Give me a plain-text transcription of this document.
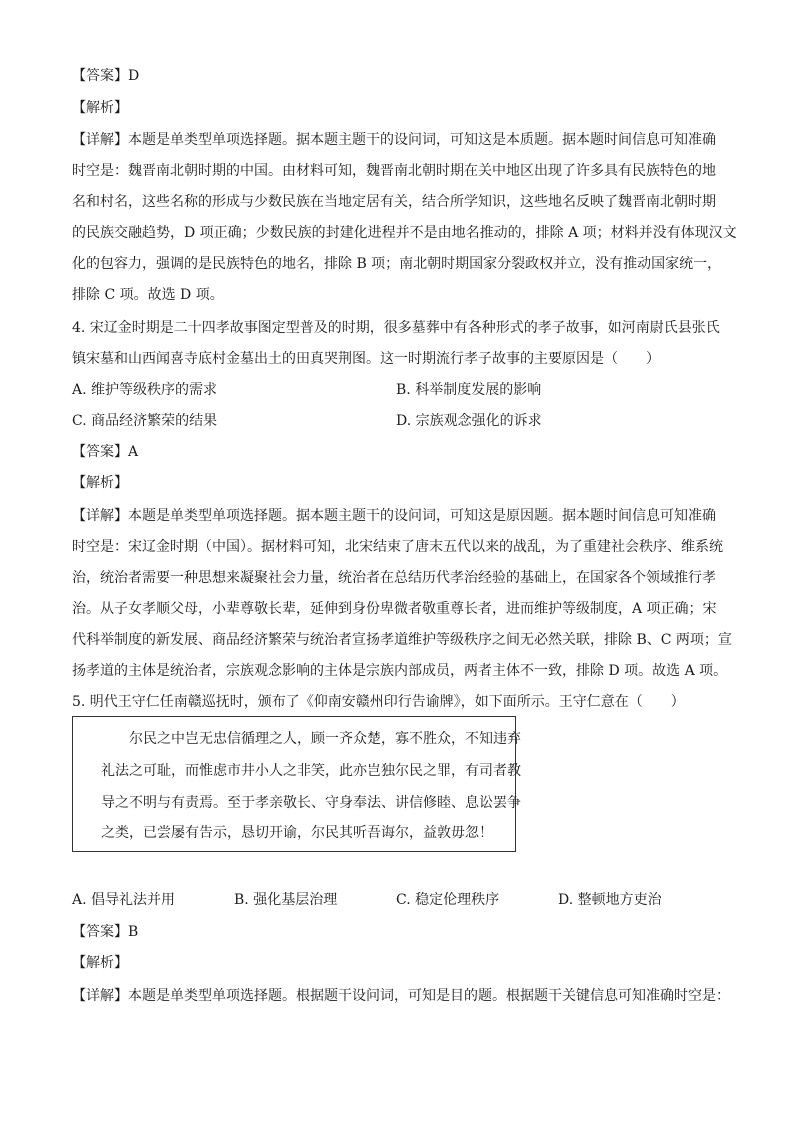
【答案】D
【解析】
【详解】本题是单类型单项选择题。据本题主题干的设问词，可知这是本质题。据本题时间信息可知准确
时空是：魏晋南北朝时期的中国。由材料可知，魏晋南北朝时期在关中地区出现了许多具有民族特色的地
名和村名，这些名称的形成与少数民族在当地定居有关，结合所学知识，这些地名反映了魏晋南北朝时期
的民族交融趋势，D 项正确；少数民族的封建化进程并不是由地名推动的，排除 A 项；材料并没有体现汉文
化的包容力，强调的是民族特色的地名，排除 B 项；南北朝时期国家分裂政权并立，没有推动国家统一，
排除 C 项。故选 D 项。
4. 宋辽金时期是二十四孝故事图定型普及的时期，很多墓葬中有各种形式的孝子故事，如河南尉氏县张氏
镇宋墓和山西闻喜寺底村金墓出土的田真哭荆图。这一时期流行孝子故事的主要原因是（　　）
A. 维护等级秩序的需求	B. 科举制度发展的影响
C. 商品经济繁荣的结果	D. 宗族观念强化的诉求
【答案】A
【解析】
【详解】本题是单类型单项选择题。据本题主题干的设问词，可知这是原因题。据本题时间信息可知准确
时空是：宋辽金时期（中国）。据材料可知，北宋结束了唐末五代以来的战乱，为了重建社会秩序、维系统
治，统治者需要一种思想来凝聚社会力量，统治者在总结历代孝治经验的基础上，在国家各个领域推行孝
治。从子女孝顺父母，小辈尊敬长辈，延伸到身份卑微者敬重尊长者，进而维护等级制度，A 项正确；宋
代科举制度的新发展、商品经济繁荣与统治者宣扬孝道维护等级秩序之间无必然关联，排除 B、C 两项；宣
扬孝道的主体是统治者，宗族观念影响的主体是宗族内部成员，两者主体不一致，排除 D 项。故选 A 项。
5. 明代王守仁任南赣巡抚时，颁布了《仰南安赣州印行告谕牌》，如下面所示。王守仁意在（　　）
尔民之中岂无忠信循理之人，顾一齐众楚，寡不胜众，不知违弃
礼法之可耻，而惟虑市井小人之非笑，此亦岂独尔民之罪，有司者教
导之不明与有责焉。至于孝亲敬长、守身奉法、讲信修睦、息讼罢争
之类，已尝屡有告示，恳切开谕，尔民其听吾诲尔，益敦毋忽！
A. 倡导礼法并用	B. 强化基层治理	C. 稳定伦理秩序	D. 整顿地方吏治
【答案】B
【解析】
【详解】本题是单类型单项选择题。根据题干设问词，可知是目的题。根据题干关键信息可知准确时空是：
